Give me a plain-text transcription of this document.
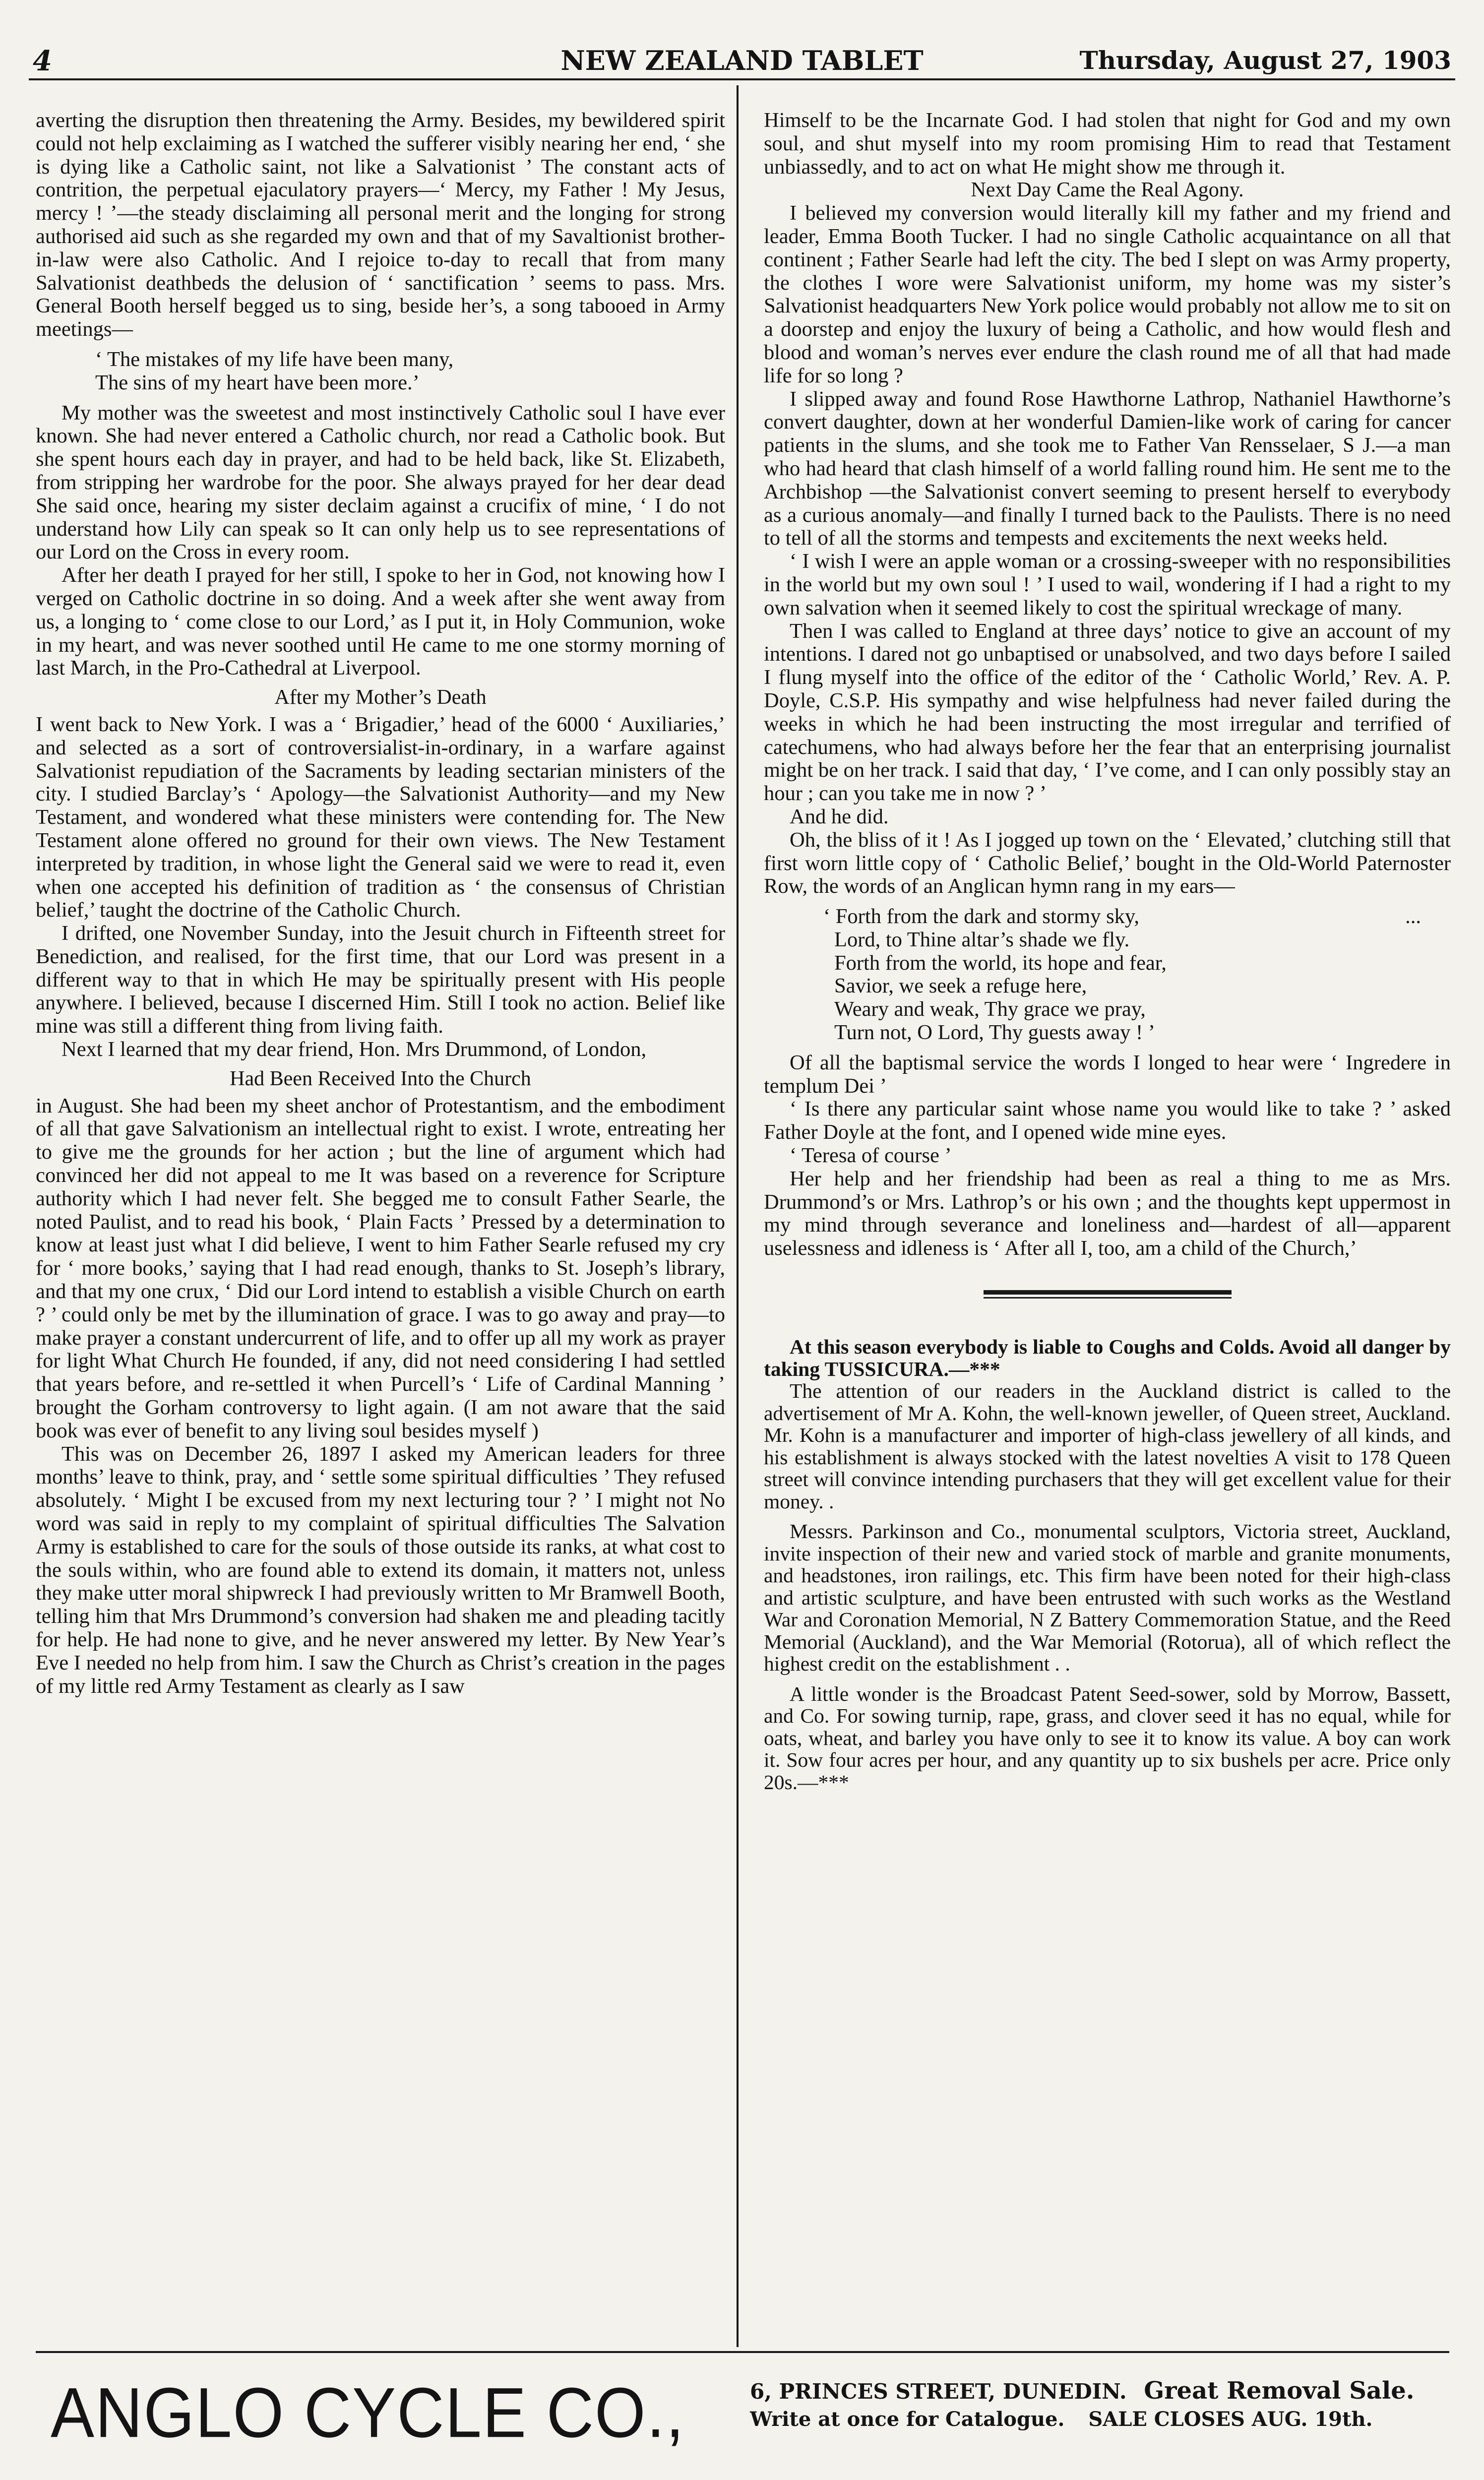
4	NEW ZEALAND TABLET	Thursday, August 27, 1903

averting the disruption then threatening the Army. Besides, my bewildered spirit could not help exclaiming as I watched the sufferer visibly nearing her end, ‘ she is dying like a Catholic saint, not like a Salvationist ’ The constant acts of contrition, the perpetual ejaculatory prayers—‘ Mercy, my Father ! My Jesus, mercy ! ’—the steady disclaiming all personal merit and the longing for strong authorised aid such as she regarded my own and that of my Savaltionist brother-in-law were also Catholic. And I rejoice to-day to recall that from many Salvationist deathbeds the delusion of ‘ sanctification ’ seems to pass. Mrs. General Booth herself begged us to sing, beside her’s, a song tabooed in Army meetings—

‘ The mistakes of my life have been many,
The sins of my heart have been more.’

My mother was the sweetest and most instinctively Catholic soul I have ever known. She had never entered a Catholic church, nor read a Catholic book. But she spent hours each day in prayer, and had to be held back, like St. Elizabeth, from stripping her wardrobe for the poor. She always prayed for her dear dead She said once, hearing my sister declaim against a crucifix of mine, ‘ I do not understand how Lily can speak so It can only help us to see representations of our Lord on the Cross in every room.

After her death I prayed for her still, I spoke to her in God, not knowing how I verged on Catholic doctrine in so doing. And a week after she went away from us, a longing to ‘ come close to our Lord,’ as I put it, in Holy Communion, woke in my heart, and was never soothed until He came to me one stormy morning of last March, in the Pro-Cathedral at Liverpool.

After my Mother’s Death

I went back to New York. I was a ‘ Brigadier,’ head of the 6000 ‘ Auxiliaries,’ and selected as a sort of controversialist-in-ordinary, in a warfare against Salvationist repudiation of the Sacraments by leading sectarian ministers of the city. I studied Barclay’s ‘ Apology—the Salvationist Authority—and my New Testament, and wondered what these ministers were contending for. The New Testament alone offered no ground for their own views. The New Testament interpreted by tradition, in whose light the General said we were to read it, even when one accepted his definition of tradition as ‘ the consensus of Christian belief,’ taught the doctrine of the Catholic Church.

I drifted, one November Sunday, into the Jesuit church in Fifteenth street for Benediction, and realised, for the first time, that our Lord was present in a different way to that in which He may be spiritually present with His people anywhere. I believed, because I discerned Him. Still I took no action. Belief like mine was still a different thing from living faith.

Next I learned that my dear friend, Hon. Mrs Drummond, of London,

Had Been Received Into the Church

in August. She had been my sheet anchor of Protestantism, and the embodiment of all that gave Salvationism an intellectual right to exist. I wrote, entreating her to give me the grounds for her action ; but the line of argument which had convinced her did not appeal to me It was based on a reverence for Scripture authority which I had never felt. She begged me to consult Father Searle, the noted Paulist, and to read his book, ‘ Plain Facts ’ Pressed by a determination to know at least just what I did believe, I went to him Father Searle refused my cry for ‘ more books,’ saying that I had read enough, thanks to St. Joseph’s library, and that my one crux, ‘ Did our Lord intend to establish a visible Church on earth ? ’ could only be met by the illumination of grace. I was to go away and pray—to make prayer a constant undercurrent of life, and to offer up all my work as prayer for light What Church He founded, if any, did not need considering I had settled that years before, and re-settled it when Purcell’s ‘ Life of Cardinal Manning ’ brought the Gorham controversy to light again. (I am not aware that the said book was ever of benefit to any living soul besides myself )

This was on December 26, 1897 I asked my American leaders for three months’ leave to think, pray, and ‘ settle some spiritual difficulties ’ They refused absolutely. ‘ Might I be excused from my next lecturing tour ? ’ I might not No word was said in reply to my complaint of spiritual difficulties The Salvation Army is established to care for the souls of those outside its ranks, at what cost to the souls within, who are found able to extend its domain, it matters not, unless they make utter moral shipwreck I had previously written to Mr Bramwell Booth, telling him that Mrs Drummond’s conversion had shaken me and pleading tacitly for help. He had none to give, and he never answered my letter. By New Year’s Eve I needed no help from him. I saw the Church as Christ’s creation in the pages of my little red Army Testament as clearly as I saw

Himself to be the Incarnate God. I had stolen that night for God and my own soul, and shut myself into my room promising Him to read that Testament unbiassedly, and to act on what He might show me through it.

Next Day Came the Real Agony.

I believed my conversion would literally kill my father and my friend and leader, Emma Booth Tucker. I had no single Catholic acquaintance on all that continent ; Father Searle had left the city. The bed I slept on was Army property, the clothes I wore were Salvationist uniform, my home was my sister’s Salvationist headquarters New York police would probably not allow me to sit on a doorstep and enjoy the luxury of being a Catholic, and how would flesh and blood and woman’s nerves ever endure the clash round me of all that had made life for so long ?

I slipped away and found Rose Hawthorne Lathrop, Nathaniel Hawthorne’s convert daughter, down at her wonderful Damien-like work of caring for cancer patients in the slums, and she took me to Father Van Rensselaer, S J.—a man who had heard that clash himself of a world falling round him. He sent me to the Archbishop —the Salvationist convert seeming to present herself to everybody as a curious anomaly—and finally I turned back to the Paulists. There is no need to tell of all the storms and tempests and excitements the next weeks held.

‘ I wish I were an apple woman or a crossing-sweeper with no responsibilities in the world but my own soul ! ’ I used to wail, wondering if I had a right to my own salvation when it seemed likely to cost the spiritual wreckage of many.

Then I was called to England at three days’ notice to give an account of my intentions. I dared not go unbaptised or unabsolved, and two days before I sailed I flung myself into the office of the editor of the ‘ Catholic World,’ Rev. A. P. Doyle, C.S.P. His sympathy and wise helpfulness had never failed during the weeks in which he had been instructing the most irregular and terrified of catechumens, who had always before her the fear that an enterprising journalist might be on her track. I said that day, ‘ I’ve come, and I can only possibly stay an hour ; can you take me in now ? ’

And he did.

Oh, the bliss of it ! As I jogged up town on the ‘ Elevated,’ clutching still that first worn little copy of ‘ Catholic Belief,’ bought in the Old-World Paternoster Row, the words of an Anglican hymn rang in my ears—

...
‘ Forth from the dark and stormy sky,
Lord, to Thine altar’s shade we fly.
Forth from the world, its hope and fear,
Savior, we seek a refuge here,
Weary and weak, Thy grace we pray,
Turn not, O Lord, Thy guests away ! ’

Of all the baptismal service the words I longed to hear were ‘ Ingredere in templum Dei ’

‘ Is there any particular saint whose name you would like to take ? ’ asked Father Doyle at the font, and I opened wide mine eyes.

‘ Teresa of course ’

Her help and her friendship had been as real a thing to me as Mrs. Drummond’s or Mrs. Lathrop’s or his own ; and the thoughts kept uppermost in my mind through severance and loneliness and—hardest of all—apparent uselessness and idleness is ‘ After all I, too, am a child of the Church,’

At this season everybody is liable to Coughs and Colds. Avoid all danger by taking TUSSICURA.—***

The attention of our readers in the Auckland district is called to the advertisement of Mr A. Kohn, the well-known jeweller, of Queen street, Auckland. Mr. Kohn is a manufacturer and importer of high-class jewellery of all kinds, and his establishment is always stocked with the latest novelties A visit to 178 Queen street will convince intending purchasers that they will get excellent value for their money. .

Messrs. Parkinson and Co., monumental sculptors, Victoria street, Auckland, invite inspection of their new and varied stock of marble and granite monuments, and headstones, iron railings, etc. This firm have been noted for their high-class and artistic sculpture, and have been entrusted with such works as the Westland War and Coronation Memorial, N Z Battery Commemoration Statue, and the Reed Memorial (Auckland), and the War Memorial (Rotorua), all of which reflect the highest credit on the establishment . .

A little wonder is the Broadcast Patent Seed-sower, sold by Morrow, Bassett, and Co. For sowing turnip, rape, grass, and clover seed it has no equal, while for oats, wheat, and barley you have only to see it to know its value. A boy can work it. Sow four acres per hour, and any quantity up to six bushels per acre. Price only 20s.—***

ANGLO CYCLE CO.,	6, PRINCES STREET, DUNEDIN. Great Removal Sale.
Write at once for Catalogue. SALE CLOSES AUG. 19th.
